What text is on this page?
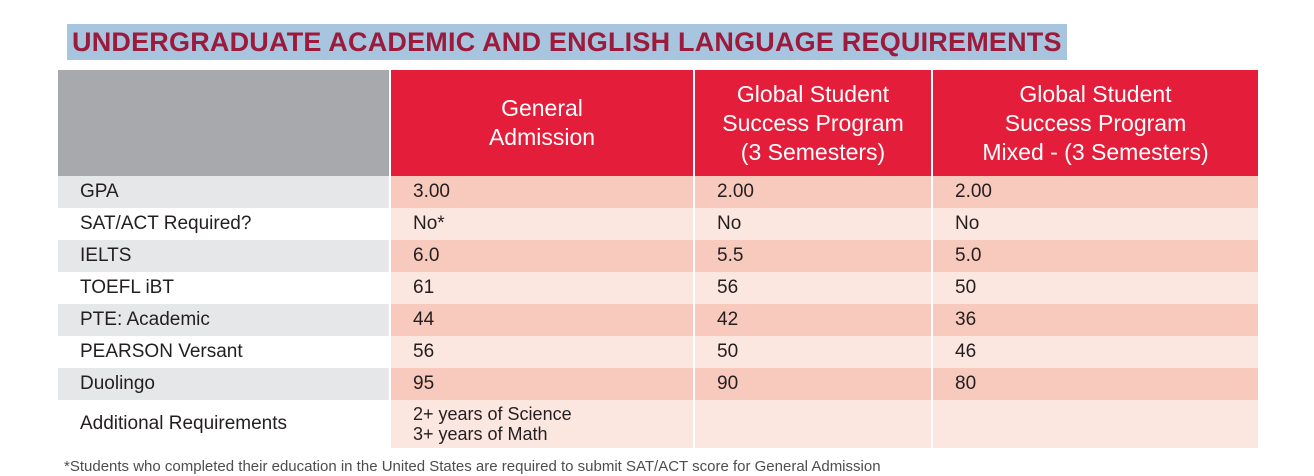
UNDERGRADUATE ACADEMIC AND ENGLISH LANGUAGE REQUIREMENTS

	General
Admission	Global Student
Success Program
(3 Semesters)	Global Student
Success Program
Mixed - (3 Semesters)

GPA	3.00	2.00	2.00
SAT/ACT Required?	No*	No	No
IELTS	6.0	5.5	5.0
TOEFL iBT	61	56	50
PTE: Academic	44	42	36
PEARSON Versant	56	50	46
Duolingo	95	90	80
Additional Requirements	2+ years of Science
3+ years of Math		

*Students who completed their education in the United States are required to submit SAT/ACT score for General Admission
